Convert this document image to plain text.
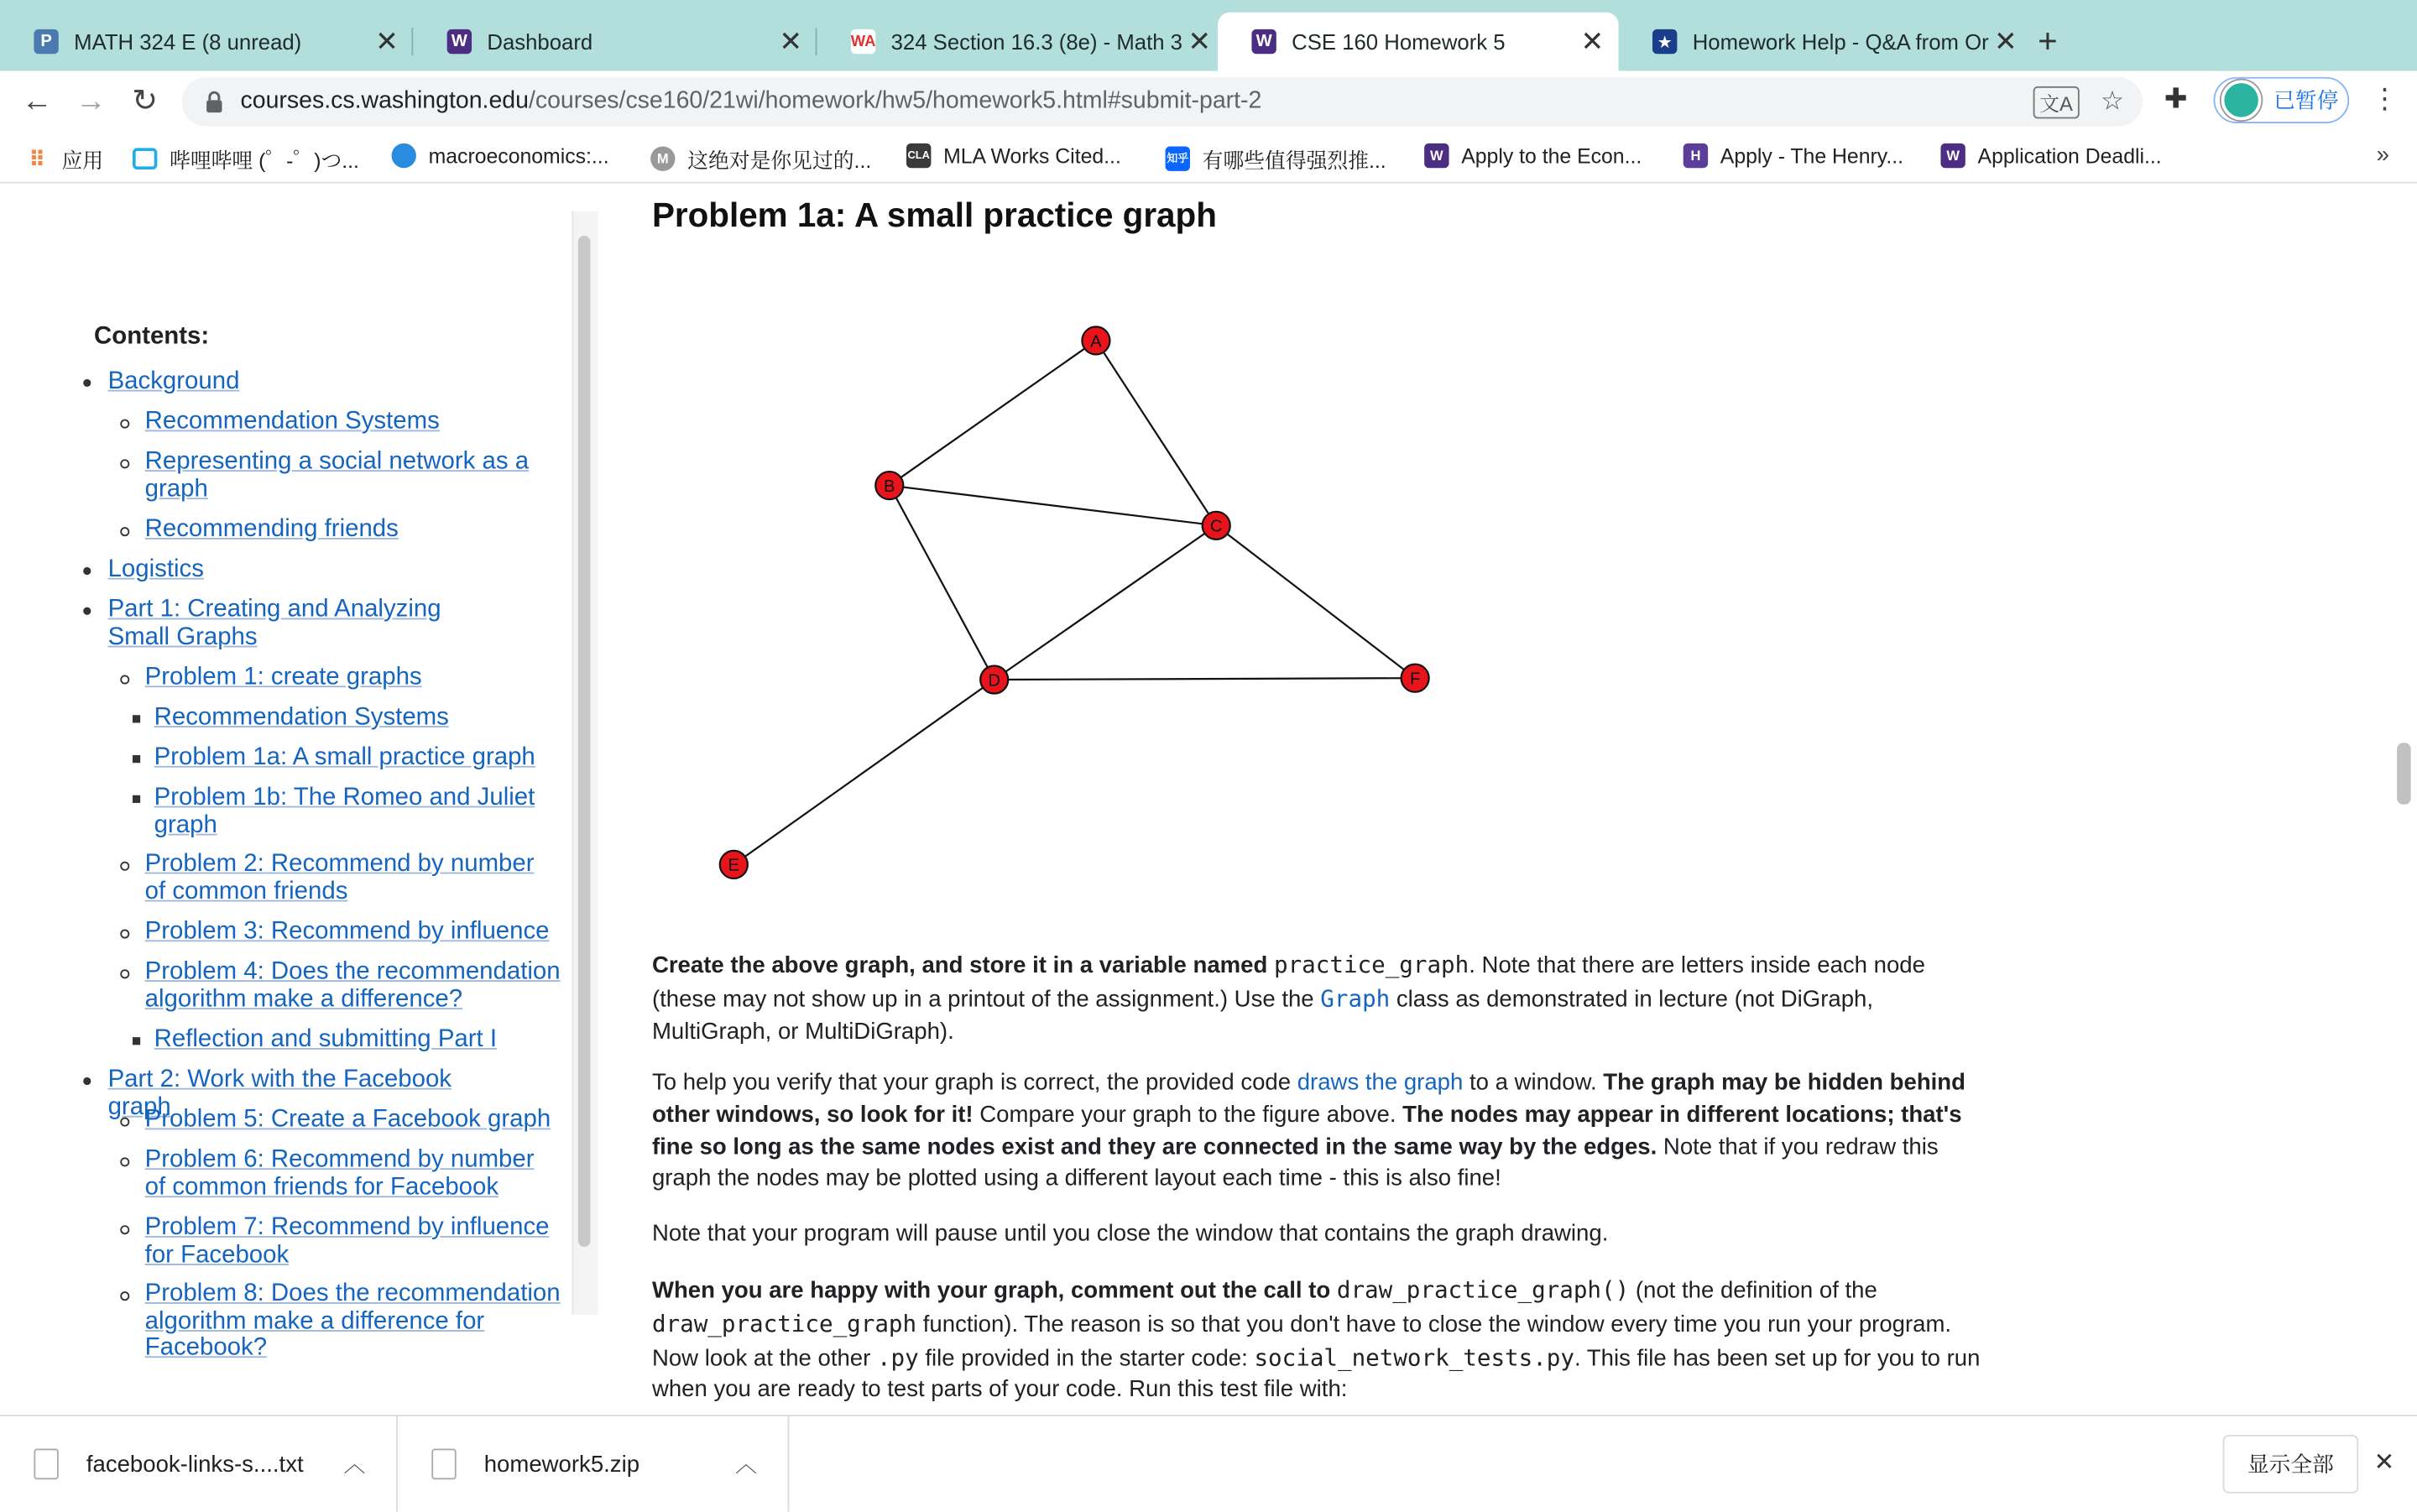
P	MATH 324 E (8 unread)	✕	W	Dashboard	✕	WA 324 Section 16.3 (8e) - Math 3 ✕	W	CSE 160 Homework 5	✕	★	Homework Help - Q&A from Or ✕ +
← →	↻	courses.cs.washington.edu /courses/cse160/21wi/homework/hw5/homework5.html#submit-part-2	文A	☆	✚	已暂停 ⋮
⠿	应用	哔哩哔哩 (゜-゜)つ...	macroeconomics:...	M	这绝对是你见过的...	CLA MLA Works Cited...	知乎 有哪些值得强烈推...	W	Apply to the Econ...	H	Apply - The Henry...	W	Application Deadli...	»
Contents:
Background
Recommendation Systems
Representing a social network as a graph
Recommending friends
Logistics
Part 1: Creating and Analyzing Small Graphs
Problem 1: create graphs
Recommendation Systems
Problem 1a: A small practice graph
Problem 1b: The Romeo and Juliet graph
Problem 2: Recommend by number of common friends
Problem 3: Recommend by influence
Problem 4: Does the recommendation algorithm make a difference?
Reflection and submitting Part I
Part 2: Work with the Facebook graph
Problem 5: Create a Facebook graph
Problem 6: Recommend by number of common friends for Facebook
Problem 7: Recommend by influence for Facebook
Problem 8: Does the recommendation algorithm make a difference for Facebook?
Problem 1a: A small practice graph
A
B
C
D
E
F
Create the above graph, and store it in a variable named practice_graph. Note that there are letters inside each node (these may not show up in a printout of the assignment.) Use the Graph class as demonstrated in lecture (not DiGraph, MultiGraph, or MultiDiGraph).
To help you verify that your graph is correct, the provided code draws the graph to a window. The graph may be hidden behind other windows, so look for it! Compare your graph to the figure above. The nodes may appear in different locations; that's fine so long as the same nodes exist and they are connected in the same way by the edges. Note that if you redraw this graph the nodes may be plotted using a different layout each time - this is also fine!
Note that your program will pause until you close the window that contains the graph drawing.
When you are happy with your graph, comment out the call to draw_practice_graph() (not the definition of the draw_practice_graph function). The reason is so that you don't have to close the window every time you run your program. Now look at the other .py file provided in the starter code: social_network_tests.py. This file has been set up for you to run when you are ready to test parts of your code. Run this test file with:
facebook-links-s....txt	︿	homework5.zip	︿	显示全部	✕
